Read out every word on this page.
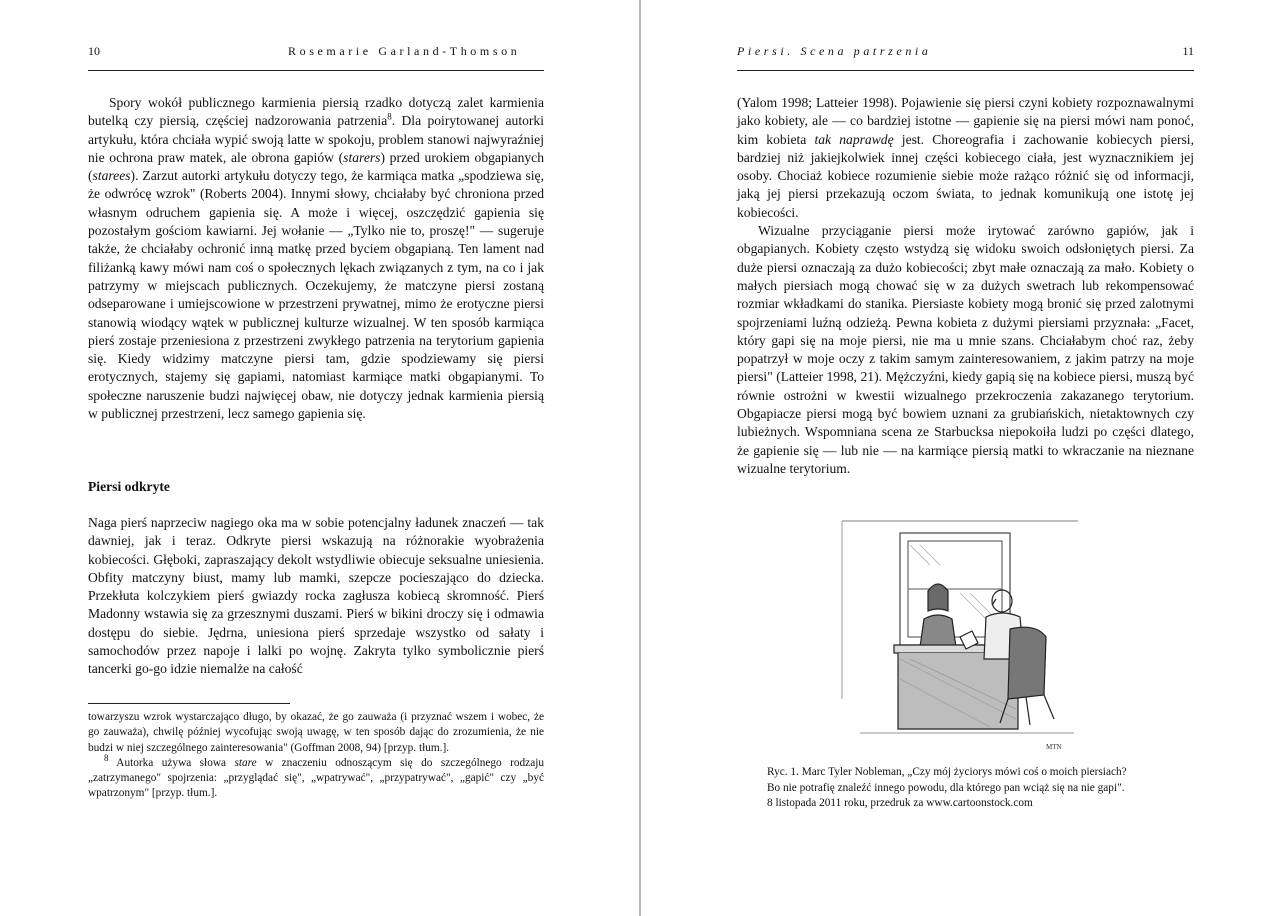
10	Rosemarie Garland-Thomson

Spory wokół publicznego karmienia piersią rzadko dotyczą zalet karmienia butelką czy piersią, częściej nadzorowania patrzenia$^8$. Dla poirytowanej autorki artykułu, która chciała wypić swoją latte w spokoju, problem stanowi najwyraźniej nie ochrona praw matek, ale obrona gapiów (starers) przed urokiem obgapianych (starees). Zarzut autorki artykułu dotyczy tego, że karmiąca matka „spodziewa się, że odwrócę wzrok" (Roberts 2004). Innymi słowy, chciałaby być chroniona przed własnym odruchem gapienia się. A może i więcej, oszczędzić gapienia się pozostałym gościom kawiarni. Jej wołanie — „Tylko nie to, proszę!" — sugeruje także, że chciałaby ochronić inną matkę przed byciem obgapianą. Ten lament nad filiżanką kawy mówi nam coś o społecznych lękach związanych z tym, na co i jak patrzymy w miejscach publicznych. Oczekujemy, że matczyne piersi zostaną odseparowane i umiejscowione w przestrzeni prywatnej, mimo że erotyczne piersi stanowią wiodący wątek w publicznej kulturze wizualnej. W ten sposób karmiąca pierś zostaje przeniesiona z przestrzeni zwykłego patrzenia na terytorium gapienia się. Kiedy widzimy matczyne piersi tam, gdzie spodziewamy się piersi erotycznych, stajemy się gapiami, natomiast karmiące matki obgapianymi. To społeczne naruszenie budzi najwięcej obaw, nie dotyczy jednak karmienia piersią w publicznej przestrzeni, lecz samego gapienia się.

Piersi odkryte

Naga pierś naprzeciw nagiego oka ma w sobie potencjalny ładunek znaczeń — tak dawniej, jak i teraz. Odkryte piersi wskazują na różnorakie wyobrażenia kobiecości. Głęboki, zapraszający dekolt wstydliwie obiecuje seksualne uniesienia. Obfity matczyny biust, mamy lub mamki, szepcze pocieszająco do dziecka. Przekłuta kolczykiem pierś gwiazdy rocka zagłusza kobiecą skromność. Pierś Madonny wstawia się za grzesznymi duszami. Pierś w bikini droczy się i odmawia dostępu do siebie. Jędrna, uniesiona pierś sprzedaje wszystko od sałaty i samochodów przez napoje i lalki po wojnę. Zakryta tylko symbolicznie pierś tancerki go-go idzie niemalże na całość

towarzyszu wzrok wystarczająco długo, by okazać, że go zauważa (i przyznać wszem i wobec, że go zauważa), chwilę później wycofując swoją uwagę, w ten sposób dając do zrozumienia, że nie budzi w niej szczególnego zainteresowania" (Goffman 2008, 94) [przyp. tłum.].

$^8$ Autorka używa słowa stare w znaczeniu odnoszącym się do szczególnego rodzaju „zatrzymanego" spojrzenia: „przyglądać się", „wpatrywać", „przypatrywać", „gapić" czy „być wpatrzonym" [przyp. tłum.].

Piersi. Scena patrzenia	11

(Yalom 1998; Latteier 1998). Pojawienie się piersi czyni kobiety rozpoznawalnymi jako kobiety, ale — co bardziej istotne — gapienie się na piersi mówi nam ponoć, kim kobieta tak naprawdę jest. Choreografia i zachowanie kobiecych piersi, bardziej niż jakiejkolwiek innej części kobiecego ciała, jest wyznacznikiem jej osoby. Chociaż kobiece rozumienie siebie może rażąco różnić się od informacji, jaką jej piersi przekazują oczom świata, to jednak komunikują one istotę jej kobiecości.

Wizualne przyciąganie piersi może irytować zarówno gapiów, jak i obgapianych. Kobiety często wstydzą się widoku swoich odsłoniętych piersi. Za duże piersi oznaczają za dużo kobiecości; zbyt małe oznaczają za mało. Kobiety o małych piersiach mogą chować się w za dużych swetrach lub rekompensować rozmiar wkładkami do stanika. Piersiaste kobiety mogą bronić się przed zalotnymi spojrzeniami luźną odzieżą. Pewna kobieta z dużymi piersiami przyznała: „Facet, który gapi się na moje piersi, nie ma u mnie szans. Chciałabym choć raz, żeby popatrzył w moje oczy z takim samym zainteresowaniem, z jakim patrzy na moje piersi" (Latteier 1998, 21). Mężczyźni, kiedy gapią się na kobiece piersi, muszą być równie ostrożni w kwestii wizualnego przekroczenia zakazanego terytorium. Obgapiacze piersi mogą być bowiem uznani za grubiańskich, nietaktownych czy lubieżnych. Wspomniana scena ze Starbucksa niepokoiła ludzi po części dlatego, że gapienie się — lub nie — na karmiące piersią matki to wkraczanie na nieznane wizualne terytorium.

MTN
Ryc. 1. Marc Tyler Nobleman, „Czy mój życiorys mówi coś o moich piersiach?
Bo nie potrafię znaleźć innego powodu, dla którego pan wciąż się na nie gapi".
8 listopada 2011 roku, przedruk za www.cartoonstock.com
